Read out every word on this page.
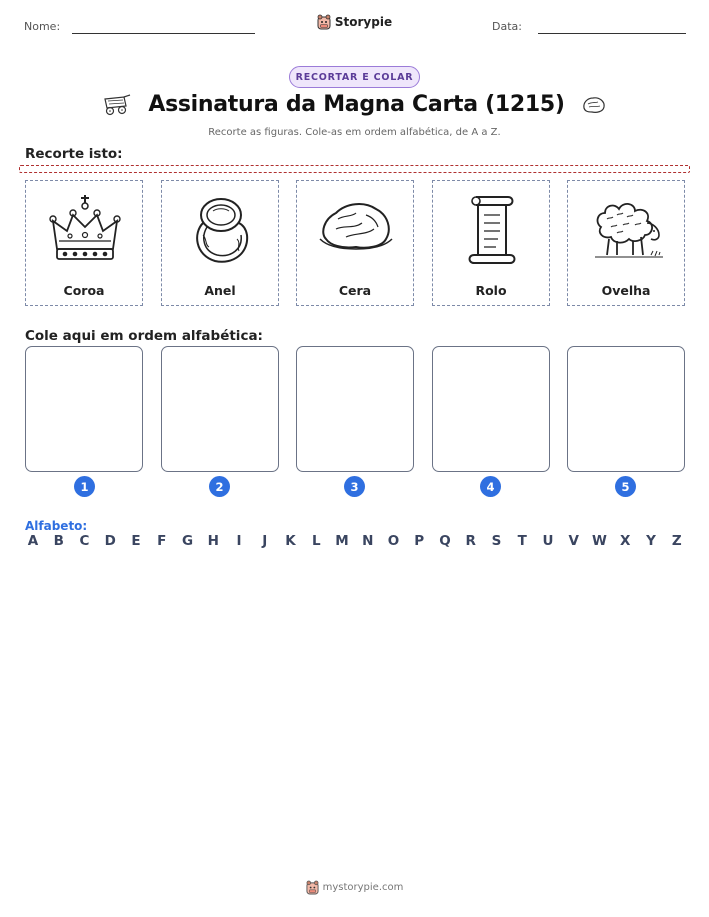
Nome:	Storypie	Data:
RECORTAR E COLAR
Assinatura da Magna Carta (1215)
Recorte as figuras. Cole-as em ordem alfabética, de A a Z.
Recorte isto:
Coroa	Anel	Cera	Rolo	Ovelha
Cole aqui em ordem alfabética:
1	2	3	4	5
Alfabeto:
A B C D E F G H	I	J	K L M N O P Q R S T U V W X Y Z
mystorypie.com
